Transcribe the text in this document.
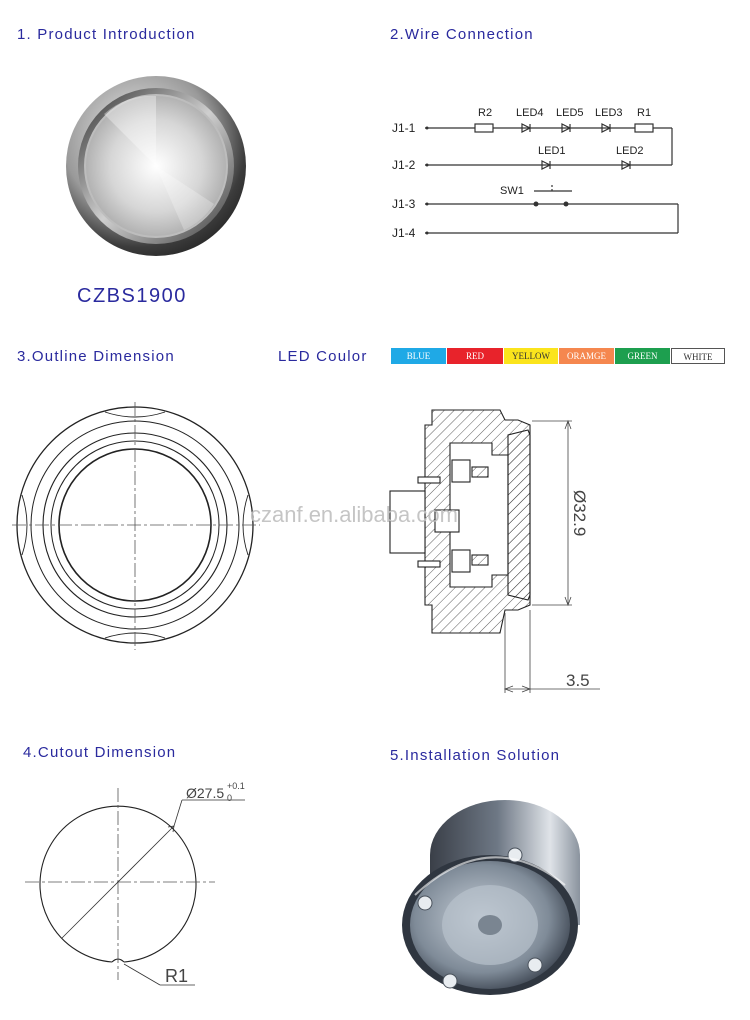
1. Product Introduction
CZBS1900
2.Wire Connection
J1-1
J1-2
J1-3
J1-4
R2 LED4 LED5 LED3 R1
LED1	LED2
SW1
3.Outline Dimension	LED Coulor	BLUE	RED	YELLOW	ORAMGE	GREEN	WHITE
Ø32.9
3.5
czanf.en.alibaba.com
4.Cutout Dimension
Ø27.5 +0.1
0
R1
5.Installation Solution
